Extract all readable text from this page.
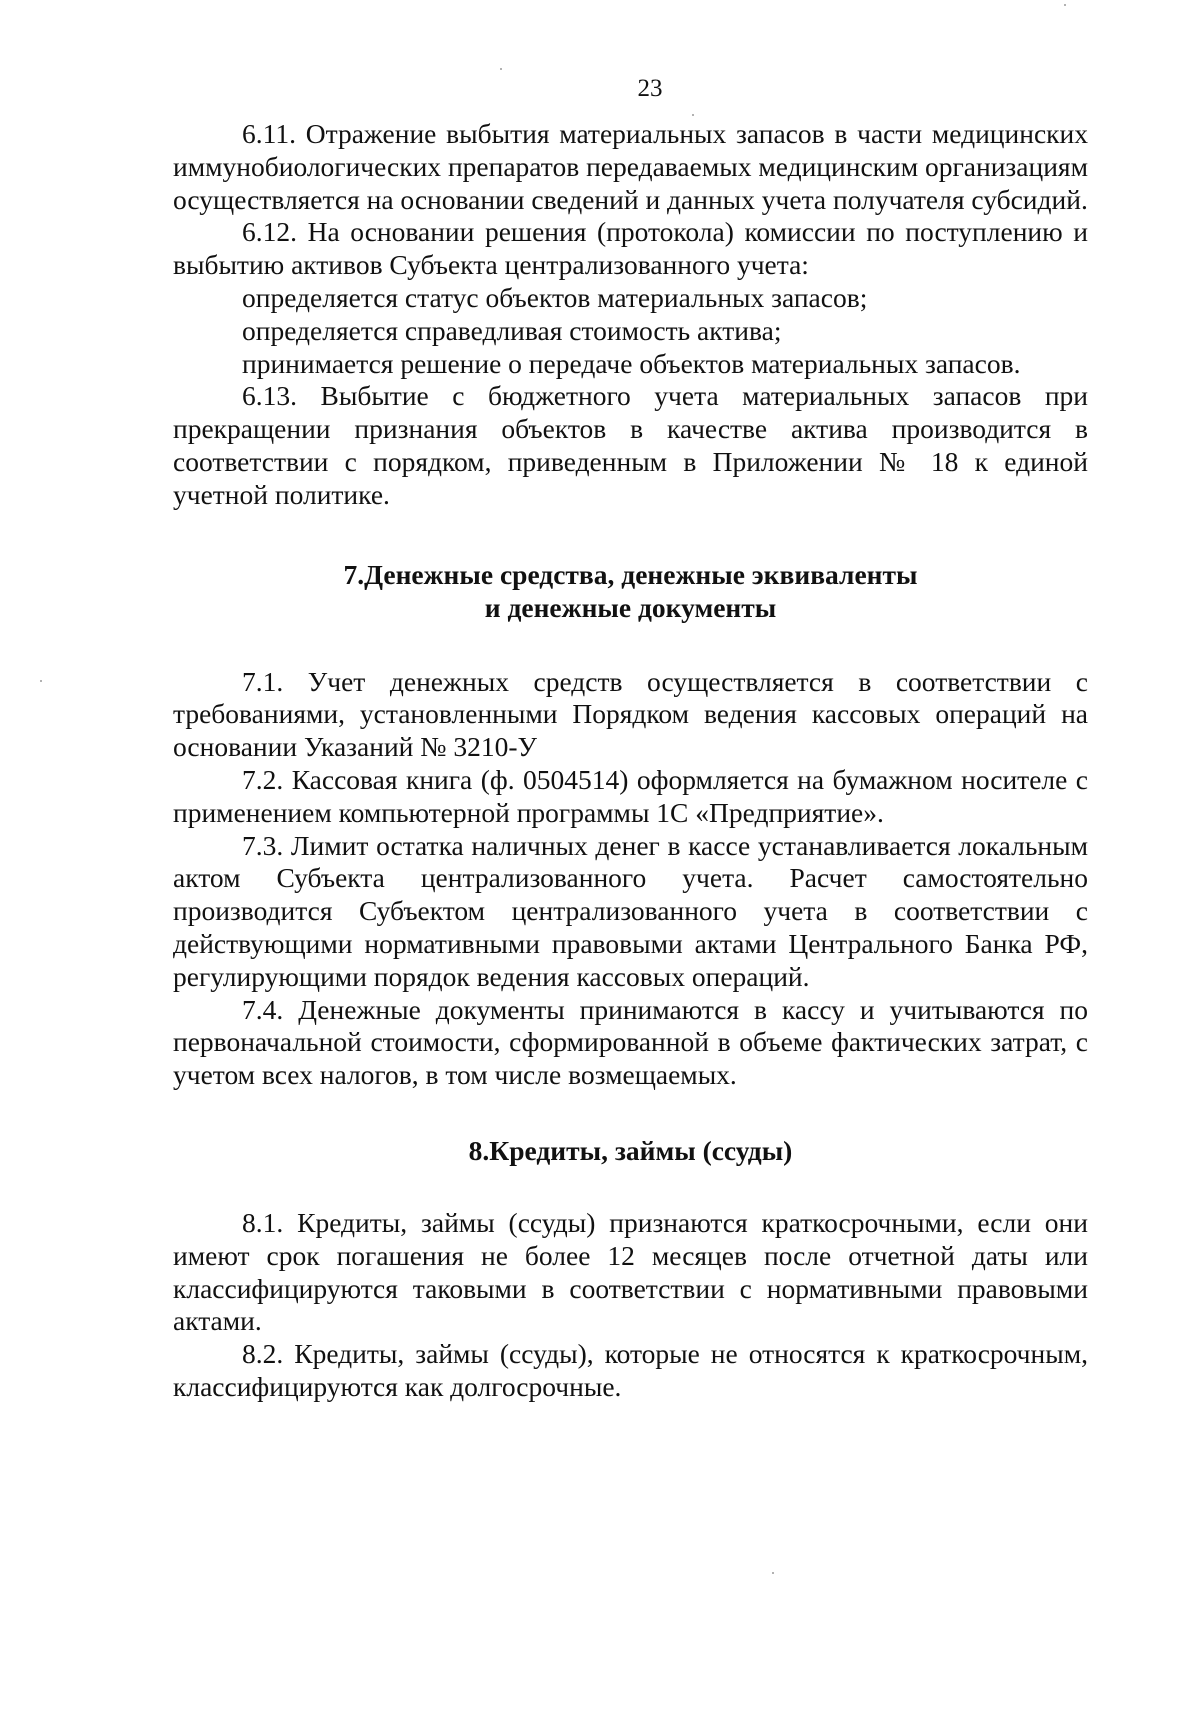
23

6.11. Отражение выбытия материальных запасов в части медицинских иммунобиологических препаратов передаваемых медицинским организациям осуществляется на основании сведений и данных учета получателя субсидий.

6.12. На основании решения (протокола) комиссии по поступлению и выбытию активов Субъекта централизованного учета:

определяется статус объектов материальных запасов;

определяется справедливая стоимость актива;

принимается решение о передаче объектов материальных запасов.

6.13. Выбытие с бюджетного учета материальных запасов при прекращении признания объектов в качестве актива производится в соответствии с порядком, приведенным в Приложении № 18 к единой учетной политике.

7.Денежные средства, денежные эквиваленты
и денежные документы

7.1. Учет денежных средств осуществляется в соответствии с требованиями, установленными Порядком ведения кассовых операций на основании Указаний № 3210-У

7.2. Кассовая книга (ф. 0504514) оформляется на бумажном носителе с применением компьютерной программы 1С «Предприятие».

7.3. Лимит остатка наличных денег в кассе устанавливается локальным актом Субъекта централизованного учета. Расчет самостоятельно производится Субъектом централизованного учета в соответствии с действующими нормативными правовыми актами Центрального Банка РФ, регулирующими порядок ведения кассовых операций.

7.4. Денежные документы принимаются в кассу и учитываются по первоначальной стоимости, сформированной в объеме фактических затрат, с учетом всех налогов, в том числе возмещаемых.

8.Кредиты, займы (ссуды)

8.1. Кредиты, займы (ссуды) признаются краткосрочными, если они имеют срок погашения не более 12 месяцев после отчетной даты или классифицируются таковыми в соответствии с нормативными правовыми актами.

8.2. Кредиты, займы (ссуды), которые не относятся к краткосрочным, классифицируются как долгосрочные.
